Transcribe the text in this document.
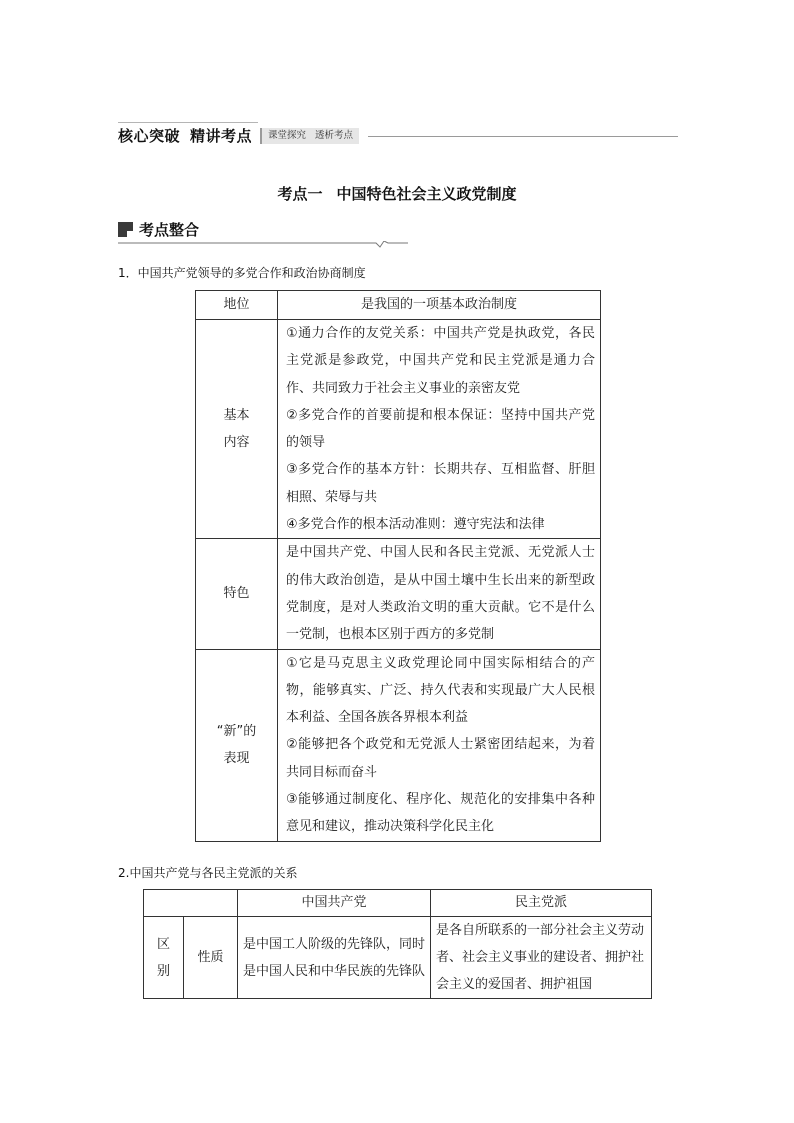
核心突破 精讲考点	课堂探究 透析考点
考点一 中国特色社会主义政党制度
考点整合
1．中国共产党领导的多党合作和政治协商制度
地位	是我国的一项基本政治制度

基本
内容	①通力合作的友党关系：中国共产党是执政党，各民主党派是参政党，中国共产党和民主党派是通力合作、共同致力于社会主义事业的亲密友党
②多党合作的首要前提和根本保证：坚持中国共产党的领导
③多党合作的基本方针：长期共存、互相监督、肝胆相照、荣辱与共
④多党合作的根本活动准则：遵守宪法和法律

特色	是中国共产党、中国人民和各民主党派、无党派人士的伟大政治创造，是从中国土壤中生长出来的新型政党制度，是对人类政治文明的重大贡献。它不是什么一党制，也根本区别于西方的多党制

“新”的
表现	①它是马克思主义政党理论同中国实际相结合的产物，能够真实、广泛、持久代表和实现最广大人民根本利益、全国各族各界根本利益
②能够把各个政党和无党派人士紧密团结起来，为着共同目标而奋斗
③能够通过制度化、程序化、规范化的安排集中各种意见和建议，推动决策科学化民主化
2.中国共产党与各民主党派的关系
		中国共产党	民主党派

区
别	性质	是中国工人阶级的先锋队，同时是中国人民和中华民族的先锋队	是各自所联系的一部分社会主义劳动者、社会主义事业的建设者、拥护社会主义的爱国者、拥护祖国
